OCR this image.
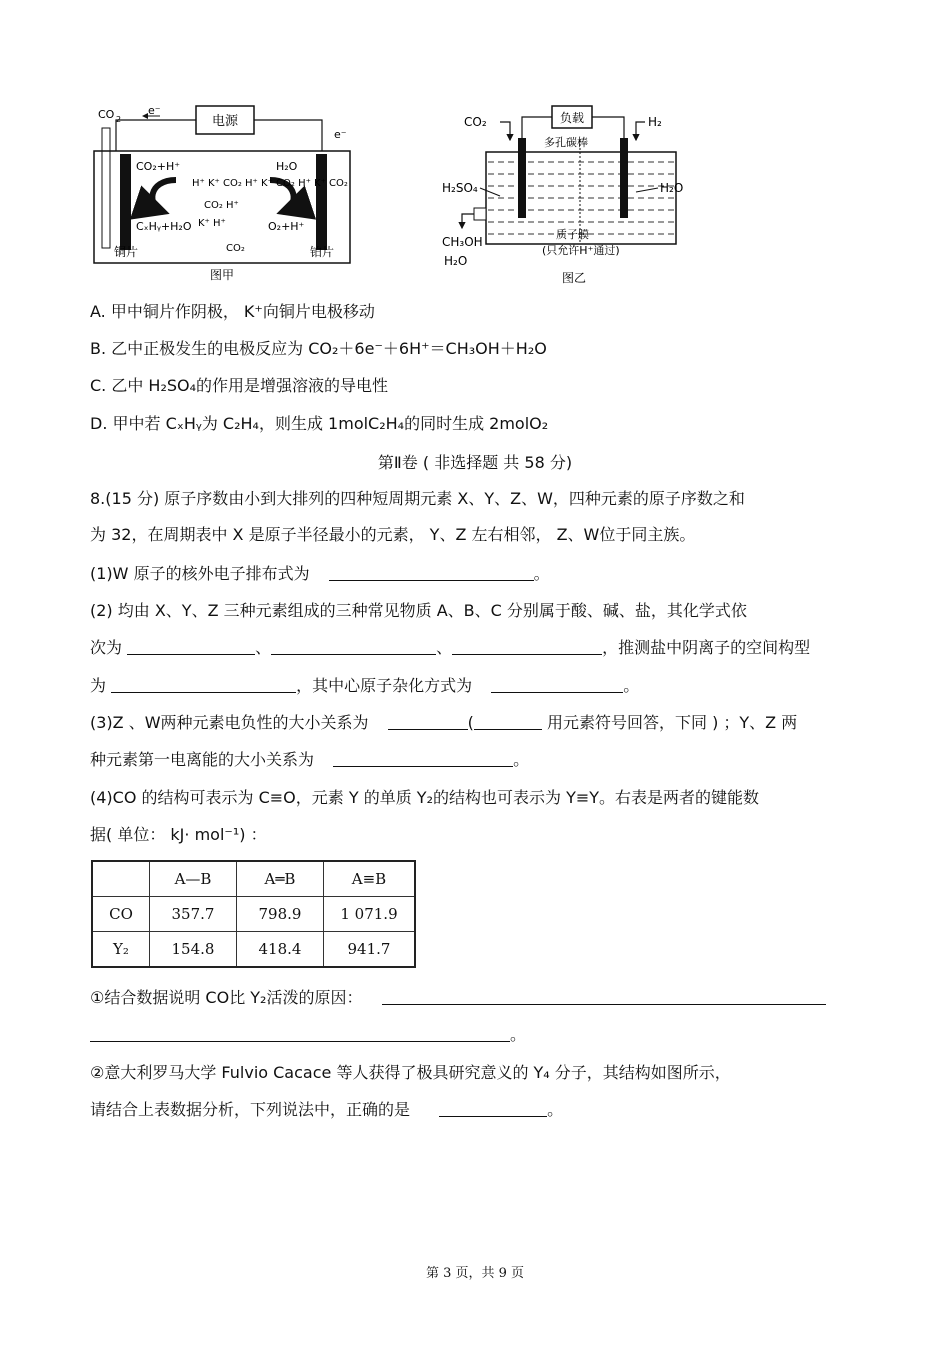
电源
e⁻
e⁻
CO 2
CO₂+H⁺
CₓHᵧ+H₂O
H₂O
O₂+H⁺
H⁺ K⁺ CO₂ H⁺ K⁺ CO₂ H⁺ K⁺ CO₂
CO₂ H⁺
K⁺ H⁺
CO₂
铜片	铂片
图甲
负载
CO₂	H₂
多孔碳棒
H₂SO₄	H₂O
CH₃OH
H₂O
质子膜
(只允许H⁺通过)
图乙
A. 甲中铜片作阴极， K⁺向铜片电极移动
B. 乙中正极发生的电极反应为 CO₂＋6e⁻＋6H⁺＝CH₃OH＋H₂O
C. 乙中 H₂SO₄的作用是增强溶液的导电性
D. 甲中若 CₓHᵧ为 C₂H₄，则生成 1molC₂H₄的同时生成 2molO₂
第Ⅱ卷 ( 非选择题 共 58 分)
8.(15 分) 原子序数由小到大排列的四种短周期元素 X、Y、Z、W，四种元素的原子序数之和
为 32，在周期表中 X 是原子半径最小的元素， Y、Z 左右相邻， Z、W位于同主族。
(1)W 原子的核外电子排布式为	。
(2) 均由 X、Y、Z 三种元素组成的三种常见物质 A、B、C 分别属于酸、碱、盐，其化学式依
次为	、	、	，推测盐中阴离子的空间构型
为	，其中心原子杂化方式为	。
(3)Z 、W两种元素电负性的大小关系为	(	用元素符号回答，下同 ) ；Y、Z 两
种元素第一电离能的大小关系为	。
(4)CO 的结构可表示为 C≡O，元素 Y 的单质 Y₂的结构也可表示为 Y≡Y。右表是两者的键能数
据( 单位： kJ· mol⁻¹) ：
	A—B	A═B	A≡B
CO	357.7	798.9	1 071.9
Y₂	154.8	418.4	941.7
①结合数据说明 CO比 Y₂活泼的原因：
。
②意大利罗马大学 Fulvio Cacace 等人获得了极具研究意义的 Y₄ 分子，其结构如图所示，
请结合上表数据分析，下列说法中，正确的是	。
第 3 页，共 9 页
